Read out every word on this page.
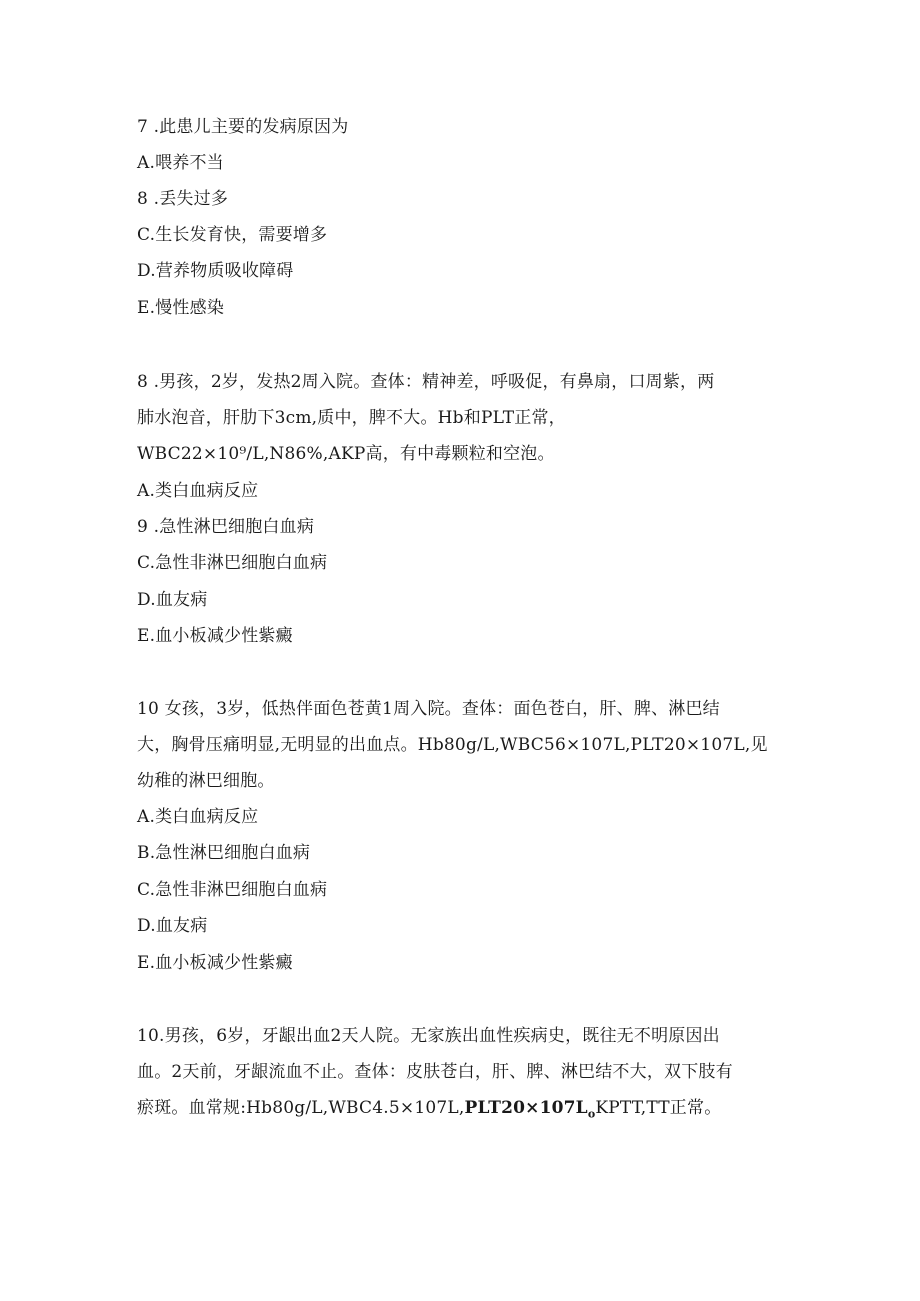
7 .此患儿主要的发病原因为
A.喂养不当
8 .丢失过多
C.生长发育快，需要增多
D.营养物质吸收障碍
E.慢性感染
8 .男孩，2岁，发热2周入院。查体：精神差，呼吸促，有鼻扇，口周紫，两
肺水泡音，肝肋下3cm,质中，脾不大。Hb和PLT正常，
WBC22×10⁹/L,N86%,AKP高，有中毒颗粒和空泡。
A.类白血病反应
9 .急性淋巴细胞白血病
C.急性非淋巴细胞白血病
D.血友病
E.血小板减少性紫癜
10 女孩，3岁，低热伴面色苍黄1周入院。查体：面色苍白，肝、脾、淋巴结
大，胸骨压痛明显,无明显的出血点。Hb80g/L,WBC56×107L,PLT20×107L,见
幼稚的淋巴细胞。
A.类白血病反应
B.急性淋巴细胞白血病
C.急性非淋巴细胞白血病
D.血友病
E.血小板减少性紫癜
10.男孩，6岁，牙龈出血2天人院。无家族出血性疾病史，既往无不明原因出
血。2天前，牙龈流血不止。查体：皮肤苍白，肝、脾、淋巴结不大，双下肢有
瘀斑。血常规$:Hb80g/L,WBC4.5\times 107L,PLT20\times 107L_oKPTT,TT$正常。
